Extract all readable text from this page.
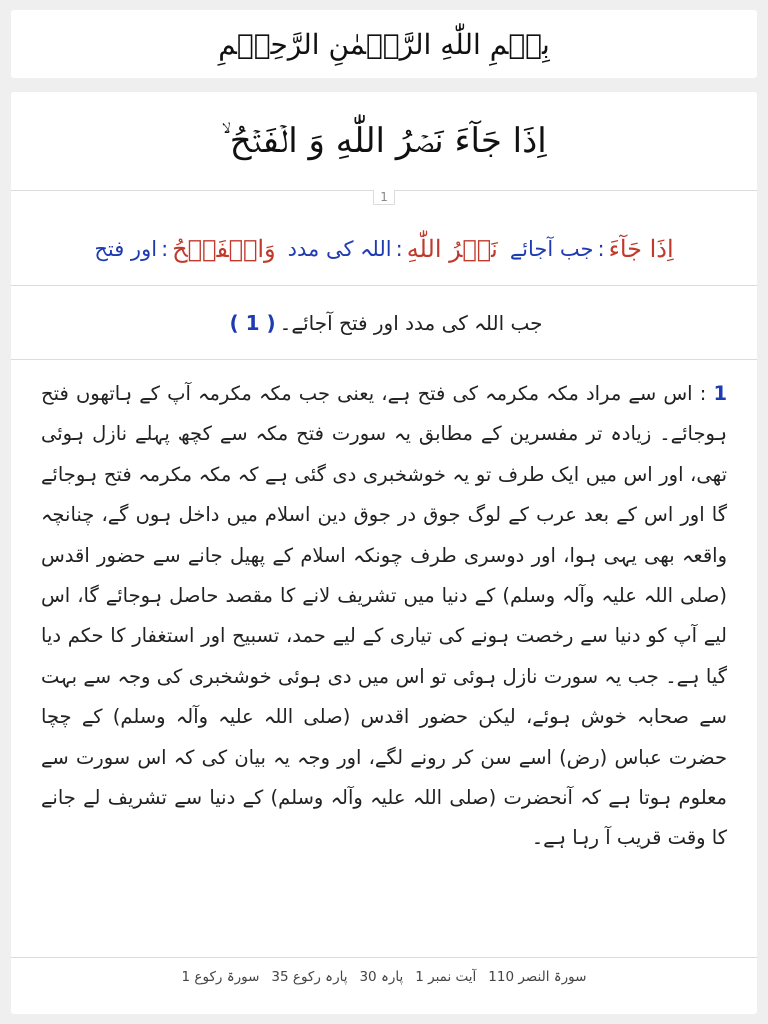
بِسۡمِ اللّٰهِ الرَّحۡمٰنِ الرَّحِیۡمِ
اِذَا جَآءَ نَصۡرُ اللّٰهِ وَ الۡفَتۡحُ ۙ
1
اِذَا جَآءَ
:
جب آجائے
نَصۡرُ اللّٰهِ
:
اللہ کی مدد
وَالۡفَتۡحُ
:
اور فتح
جب اللہ کی مدد اور فتح آجائے۔
( 1 )
1 : اس سے مراد مکہ مکرمہ کی فتح ہے، یعنی جب مکہ مکرمہ آپ کے ہاتھوں فتح ہوجائے۔ زیادہ تر مفسرین کے مطابق یہ سورت فتح مکہ سے کچھ پہلے نازل ہوئی تھی، اور اس میں ایک طرف تو یہ خوشخبری دی گئی ہے کہ مکہ مکرمہ فتح ہوجائے گا اور اس کے بعد عرب کے لوگ جوق در جوق دین اسلام میں داخل ہوں گے، چنانچہ واقعہ بھی یہی ہوا، اور دوسری طرف چونکہ اسلام کے پھیل جانے سے حضور اقدس (صلی اللہ علیہ وآلہ وسلم) کے دنیا میں تشریف لانے کا مقصد حاصل ہوجائے گا، اس لیے آپ کو دنیا سے رخصت ہونے کی تیاری کے لیے حمد، تسبیح اور استغفار کا حکم دیا گیا ہے۔ جب یہ سورت نازل ہوئی تو اس میں دی ہوئی خوشخبری کی وجہ سے بہت سے صحابہ خوش ہوئے، لیکن حضور اقدس (صلی اللہ علیہ وآلہ وسلم) کے چچا حضرت عباس (رض) اسے سن کر رونے لگے، اور وجہ یہ بیان کی کہ اس سورت سے معلوم ہوتا ہے کہ آنحضرت (صلی اللہ علیہ وآلہ وسلم) کے دنیا سے تشریف لے جانے کا وقت قریب آ رہا ہے۔
سورۃ النصر 110
آیت نمبر 1
پارہ 30
پارہ رکوع 35
سورۃ رکوع 1
